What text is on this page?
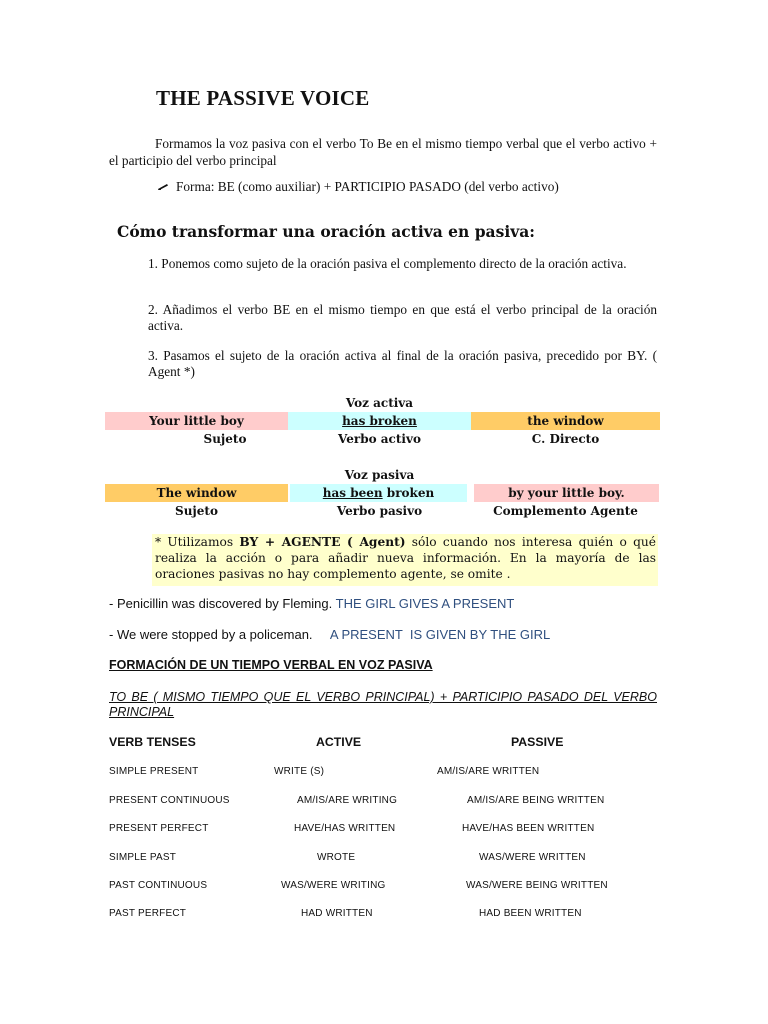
THE PASSIVE VOICE
Formamos la voz pasiva con el verbo To Be en el mismo tiempo verbal que el verbo activo + el participio del verbo principal
Forma: BE (como auxiliar) + PARTICIPIO PASADO (del verbo activo)
Cómo transformar una oración activa en pasiva:
1. Ponemos como sujeto de la oración pasiva el complemento directo de la oración activa.
2. Añadimos el verbo BE en el mismo tiempo en que está el verbo principal de la oración activa.
3. Pasamos el sujeto de la oración activa al final de la oración pasiva, precedido por BY. ( Agent *)
Voz activa
Your little boy	has broken	the window
Sujeto	Verbo activo	C. Directo
Voz pasiva
The window	has been broken	by your little boy.
Sujeto	Verbo pasivo	Complemento Agente
* Utilizamos BY + AGENTE ( Agent) sólo cuando nos interesa quién o qué realiza la acción o para añadir nueva información. En la mayoría de las oraciones pasivas no hay complemento agente, se omite .
- Penicillin was discovered by Fleming. THE GIRL GIVES A PRESENT
- We were stopped by a policeman.     A PRESENT  IS GIVEN BY THE GIRL
FORMACIÓN DE UN TIEMPO VERBAL EN VOZ PASIVA
TO BE ( MISMO TIEMPO QUE EL VERBO PRINCIPAL) + PARTICIPIO PASADO DEL VERBO PRINCIPAL
VERB TENSES	ACTIVE	PASSIVE
SIMPLE PRESENT	WRITE (S)	AM/IS/ARE WRITTEN
PRESENT CONTINUOUS	AM/IS/ARE WRITING	AM/IS/ARE BEING WRITTEN
PRESENT PERFECT	HAVE/HAS WRITTEN	HAVE/HAS BEEN WRITTEN
SIMPLE PAST	WROTE	WAS/WERE WRITTEN
PAST CONTINUOUS	WAS/WERE WRITING	WAS/WERE BEING WRITTEN
PAST PERFECT	HAD WRITTEN	HAD BEEN WRITTEN
